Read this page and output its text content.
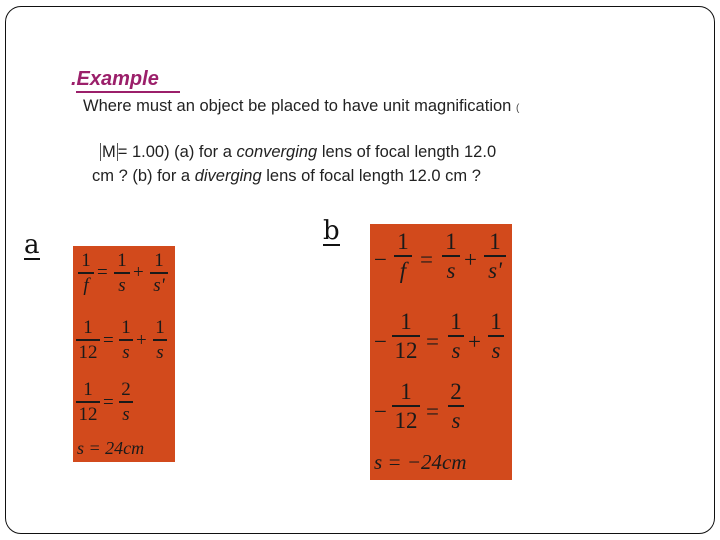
.Example
Where must an object be placed to have unit magnification (
M = 1.00) (a) for a converging lens of focal length 12.0
cm ? (b) for a diverging lens of focal length 12.0 cm ?
a	b
1
f
=
1
s
+
1
s'
1
12
=
1
s
+
1
s
1
12
=
2
s
s = 24cm
−
1
f =
1
s +
1
s'
−
1
12 =
1
s +
1
s
−
1
12 =
2
s
s = −24cm
